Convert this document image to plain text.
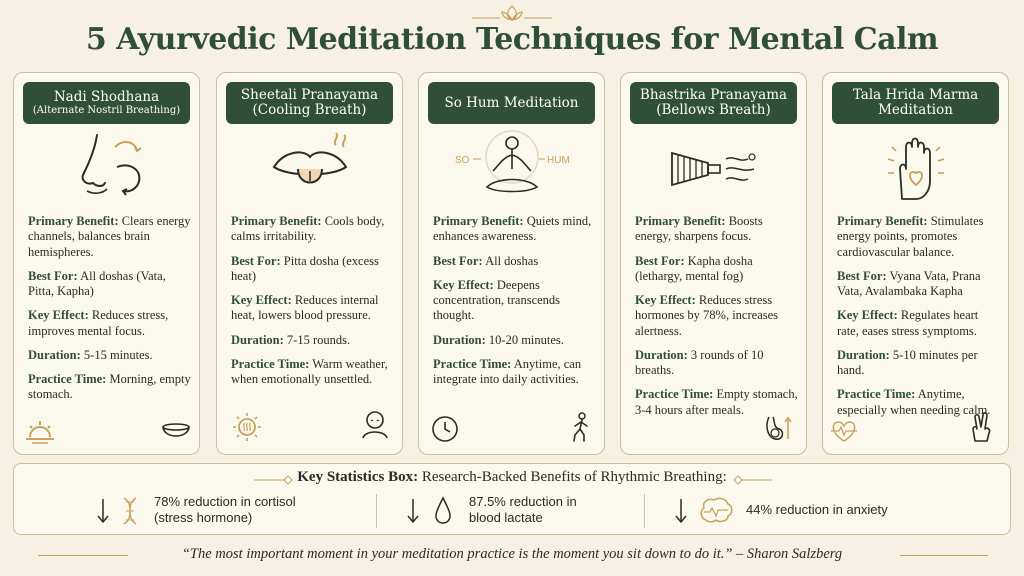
5 Ayurvedic Meditation Techniques for Mental Calm
Nadi Shodhana
(Alternate Nostril Breathing)

Primary Benefit: Clears energy channels, balances brain hemispheres.

Best For: All doshas (Vata, Pitta, Kapha)

Key Effect: Reduces stress, improves mental focus.

Duration: 5-15 minutes.

Practice Time: Morning, empty stomach.

Sheetali Pranayama
(Cooling Breath)

Primary Benefit: Cools body, calms irritability.

Best For: Pitta dosha (excess heat)

Key Effect: Reduces internal heat, lowers blood pressure.

Duration: 7-15 rounds.

Practice Time: Warm weather, when emotionally unsettled.

So Hum Meditation
SO	HUM

Primary Benefit: Quiets mind, enhances awareness.

Best For: All doshas

Key Effect: Deepens concentration, transcends thought.

Duration: 10-20 minutes.

Practice Time: Anytime, can integrate into daily activities.

Bhastrika Pranayama
(Bellows Breath)

Primary Benefit: Boosts energy, sharpens focus.

Best For: Kapha dosha (lethargy, mental fog)

Key Effect: Reduces stress hormones by 78%, increases alertness.

Duration: 3 rounds of 10 breaths.

Practice Time: Empty stomach, 3-4 hours after meals.

Tala Hrida Marma
Meditation

Primary Benefit: Stimulates energy points, promotes cardiovascular balance.

Best For: Vyana Vata, Prana Vata, Avalambaka Kapha

Key Effect: Regulates heart rate, eases stress symptoms.

Duration: 5-10 minutes per hand.

Practice Time: Anytime, especially when needing calm.

Key Statistics Box: Research-Backed Benefits of Rhythmic Breathing:
78% reduction in cortisol
(stress hormone)
87.5% reduction in
blood lactate
44% reduction in anxiety
“The most important moment in your meditation practice is the moment you sit down to do it.” – Sharon Salzberg
